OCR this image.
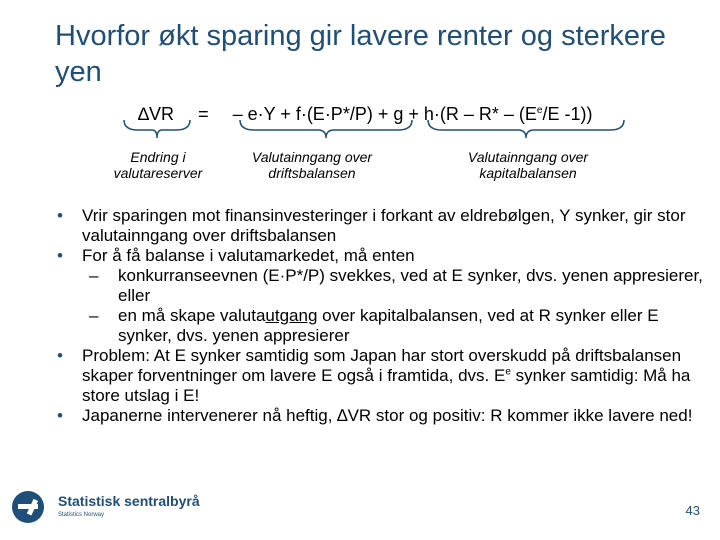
Hvorfor økt sparing gir lavere renter og sterkere yen
∆VR = – $e\cdot Y + f\cdot(E\cdot P*/P) + g + h\cdot(R - R* - (E^e/E$ -1))
Endring i valutareserver
Valutainngang over driftsbalansen
Valutainngang over kapitalbalansen
• Vrir sparingen mot finansinvesteringer i forkant av eldrebølgen, Y synker, gir stor valutainngang over driftsbalansen
• For å få balanse i valutamarkedet, må enten
– konkurranseevnen (E·P*/P) svekkes, ved at E synker, dvs. yenen appresierer, eller
– en må skape valutautgang over kapitalbalansen, ved at R synker eller E synker, dvs. yenen appresierer
• Problem: At E synker samtidig som Japan har stort overskudd på driftsbalansen skaper forventninger om lavere E også i framtida, dvs. $E^e$ synker samtidig: Må ha store utslag i E!
• Japanerne intervenerer nå heftig, ∆VR stor og positiv: R kommer ikke lavere ned!
Statistisk sentralbyrå
Statistics Norway	43
